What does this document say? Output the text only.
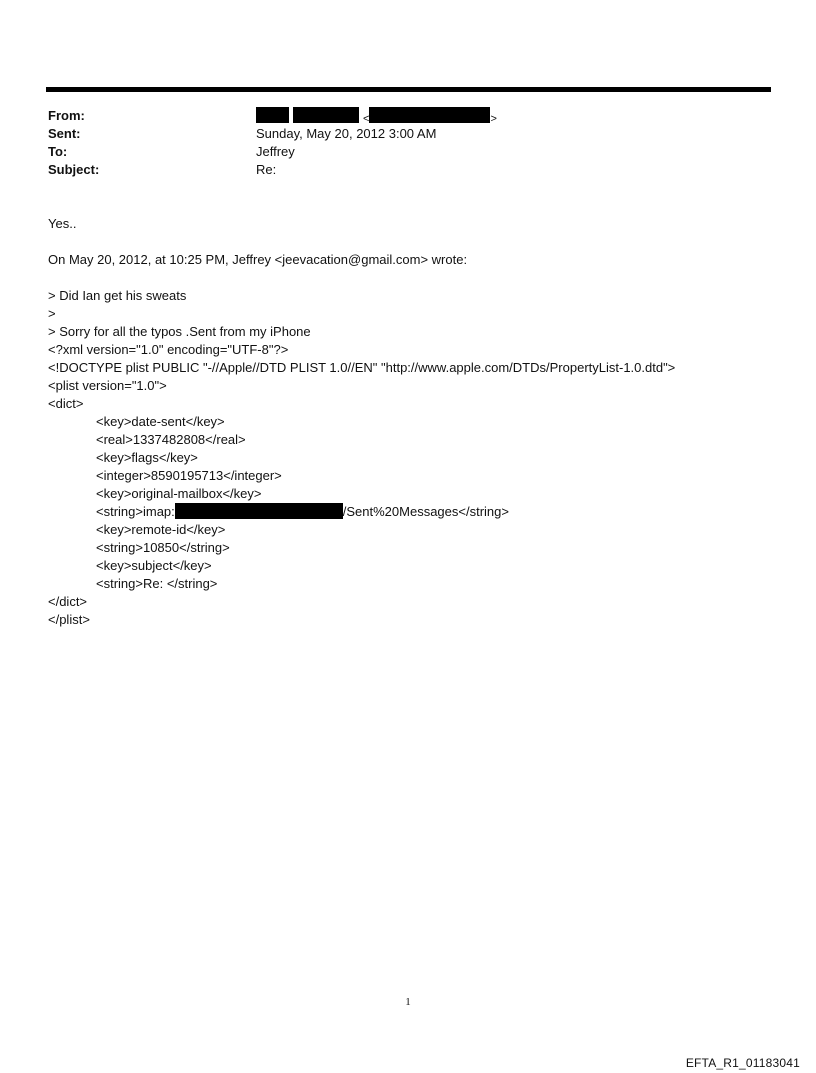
From:	<	>
Sent:	Sunday, May 20, 2012 3:00 AM
To:	Jeffrey
Subject:	Re:
Yes..
On May 20, 2012, at 10:25 PM, Jeffrey <jeevacation@gmail.com> wrote:
> Did Ian get his sweats
>
> Sorry for all the typos .Sent from my iPhone
<?xml version="1.0" encoding="UTF-8"?>
<!DOCTYPE plist PUBLIC "-//Apple//DTD PLIST 1.0//EN" "http://www.apple.com/DTDs/PropertyList-1.0.dtd">
<plist version="1.0">
<dict>
<key>date-sent</key>
<real>1337482808</real>
<key>flags</key>
<integer>8590195713</integer>
<key>original-mailbox</key>
<string>imap:	/Sent%20Messages</string>
<key>remote-id</key>
<string>10850</string>
<key>subject</key>
<string>Re: </string>
</dict>
</plist>
1
EFTA_R1_01183041
